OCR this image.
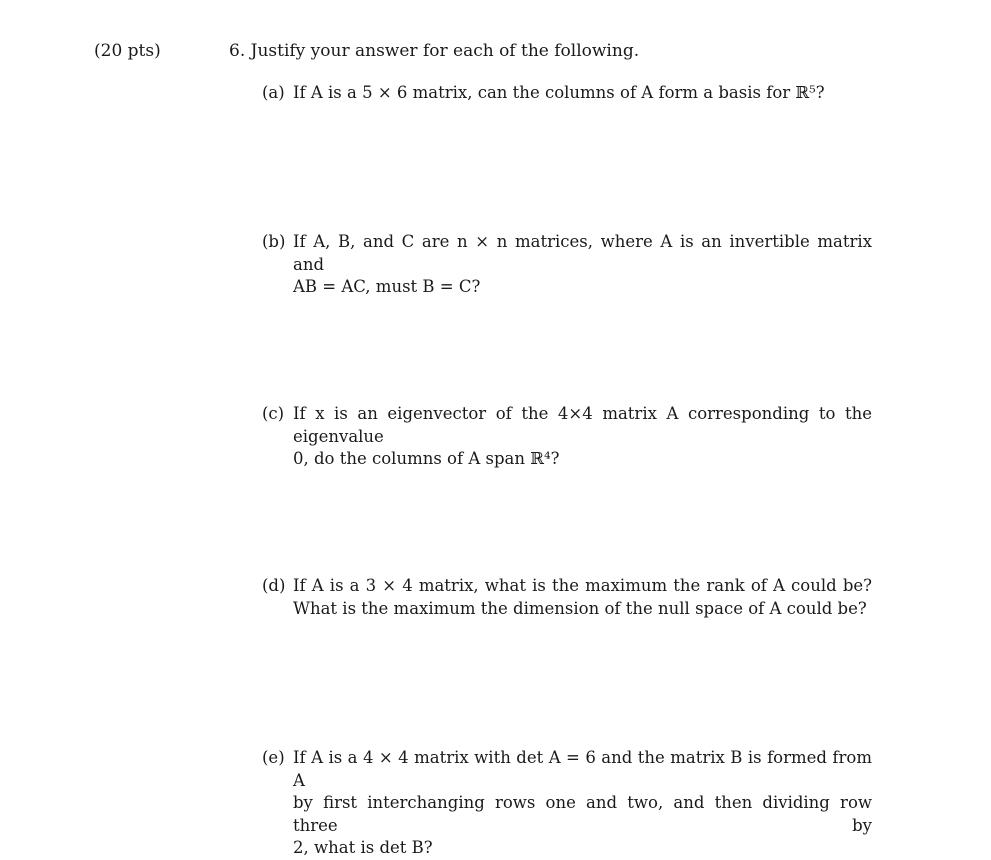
(20 pts)	6. Justify your answer for each of the following.
(a) If A is a 5 × 6 matrix, can the columns of A form a basis for ℝ⁵?
(b) If A, B, and C are n × n matrices, where A is an invertible matrix and
AB = AC, must B = C?
(c) If x is an eigenvector of the 4×4 matrix A corresponding to the eigenvalue
0, do the columns of A span ℝ⁴?
(d) If A is a 3 × 4 matrix, what is the maximum the rank of A could be?
What is the maximum the dimension of the null space of A could be?
(e) If A is a 4 × 4 matrix with det A = 6 and the matrix B is formed from A
by first interchanging rows one and two, and then dividing row three by
2, what is det B?
